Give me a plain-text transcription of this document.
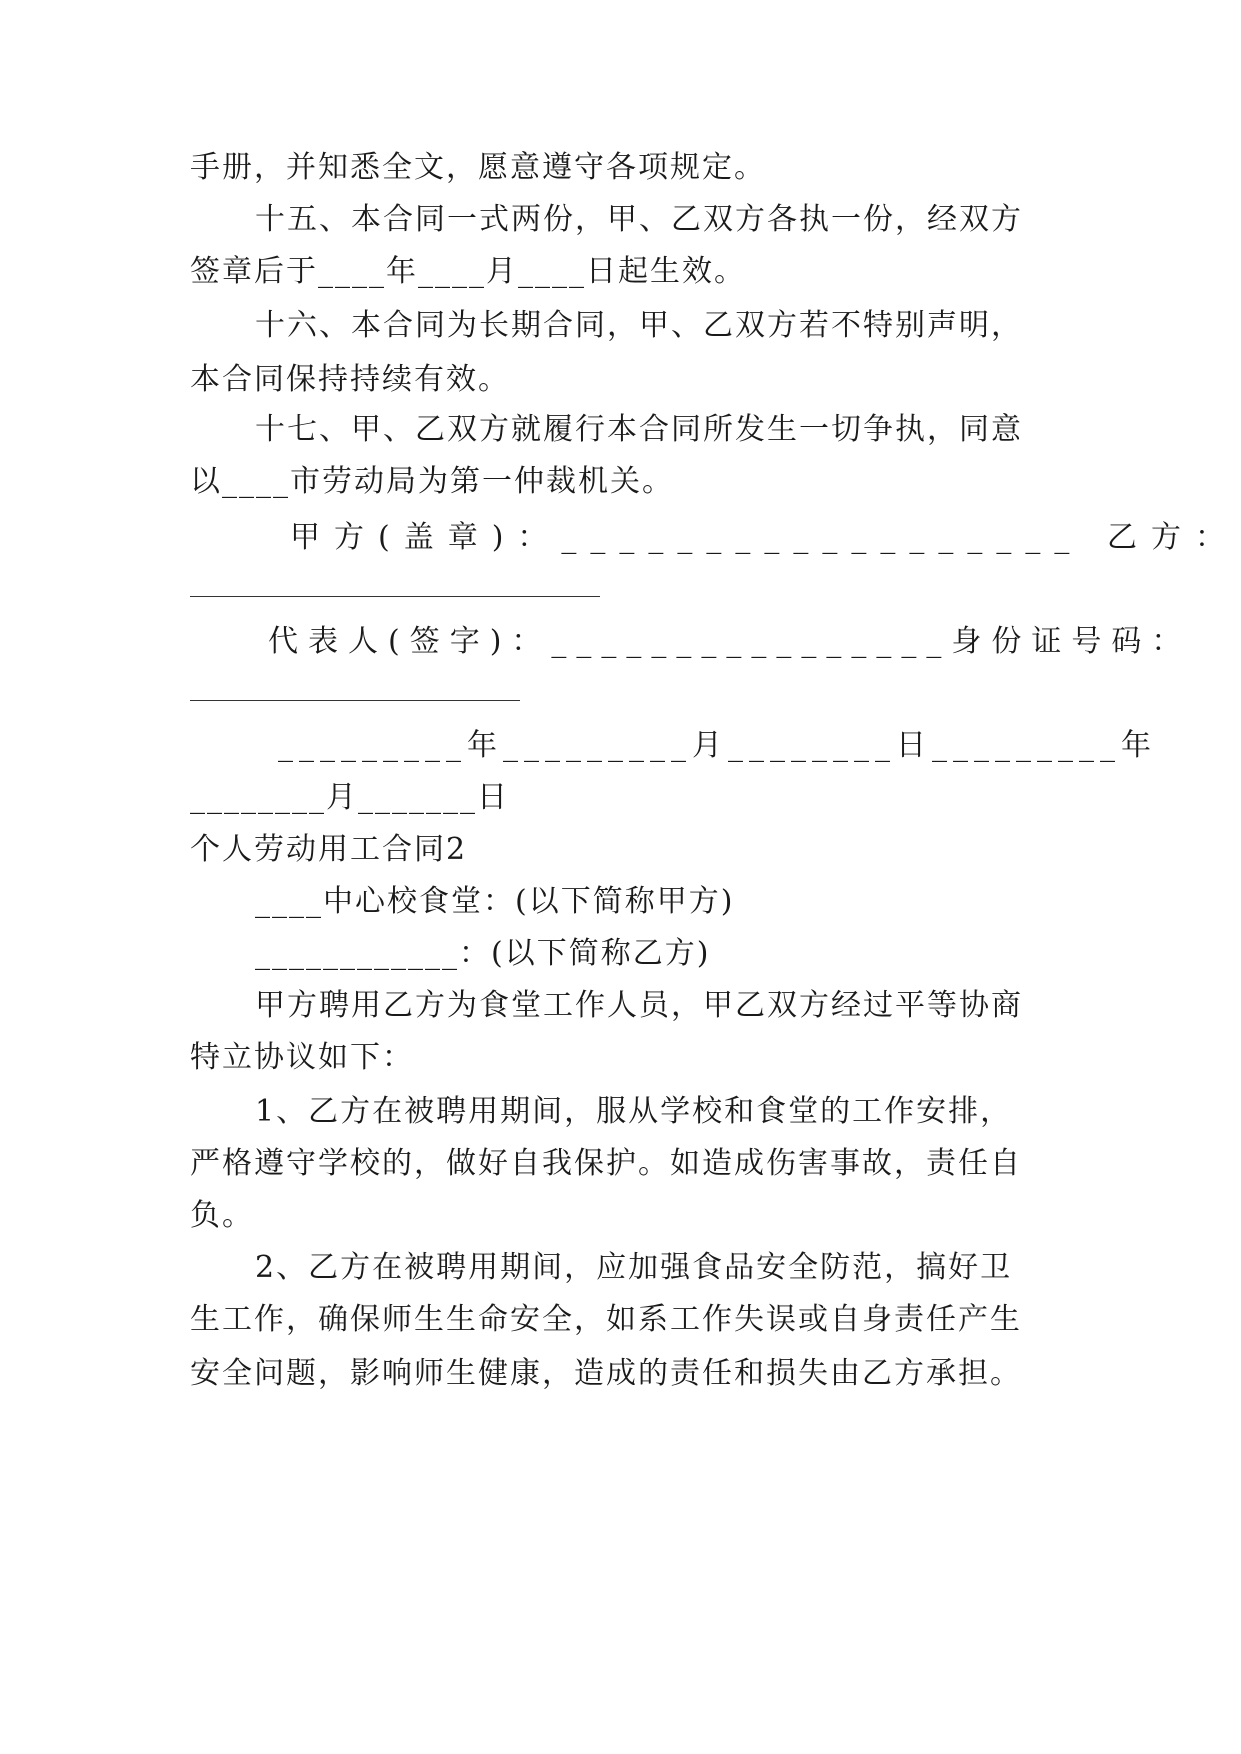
手册，并知悉全文，愿意遵守各项规定。
十五、本合同一式两份，甲、乙双方各执一份，经双方
签章后于____年____月____日起生效。
十六、本合同为长期合同，甲、乙双方若不特别声明，
本合同保持持续有效。
十七、甲、乙双方就履行本合同所发生一切争执，同意
以____市劳动局为第一仲裁机关。
甲方(盖章)：__________________ 乙方：
代表人(签字)：________________身份证号码：
_________年_________月________日_________年
________月_______日
个人劳动用工合同2
____中心校食堂：(以下简称甲方)
____________：(以下简称乙方)
甲方聘用乙方为食堂工作人员，甲乙双方经过平等协商
特立协议如下：
1、乙方在被聘用期间，服从学校和食堂的工作安排，
严格遵守学校的，做好自我保护。如造成伤害事故，责任自
负。
2、乙方在被聘用期间，应加强食品安全防范，搞好卫
生工作，确保师生生命安全，如系工作失误或自身责任产生
安全问题，影响师生健康，造成的责任和损失由乙方承担。
